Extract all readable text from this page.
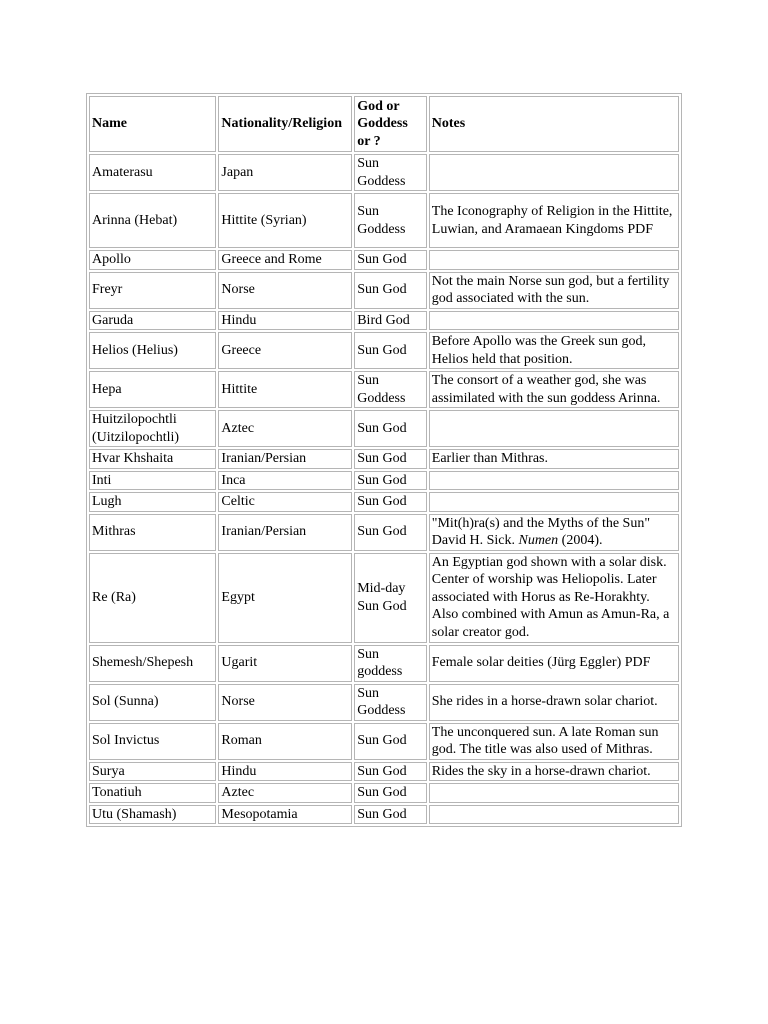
Name	Nationality/Religion	God or Goddess or ?	Notes
Amaterasu	Japan	Sun Goddess	
Arinna (Hebat)	Hittite (Syrian)	Sun Goddess	The Iconography of Religion in the Hittite, Luwian, and Aramaean Kingdoms PDF
Apollo	Greece and Rome	Sun God	
Freyr	Norse	Sun God	Not the main Norse sun god, but a fertility god associated with the sun.
Garuda	Hindu	Bird God	
Helios (Helius)	Greece	Sun God	Before Apollo was the Greek sun god, Helios held that position.
Hepa	Hittite	Sun Goddess	The consort of a weather god, she was assimilated with the sun goddess Arinna.
Huitzilopochtli (Uitzilopochtli)	Aztec	Sun God	
Hvar Khshaita	Iranian/Persian	Sun God	Earlier than Mithras.
Inti	Inca	Sun God	
Lugh	Celtic	Sun God	
Mithras	Iranian/Persian	Sun God	"Mit(h)ra(s) and the Myths of the Sun" David H. Sick. Numen (2004).
Re (Ra)	Egypt	Mid-day Sun God	An Egyptian god shown with a solar disk. Center of worship was Heliopolis. Later associated with Horus as Re-Horakhty. Also combined with Amun as Amun-Ra, a solar creator god.
Shemesh/Shepesh	Ugarit	Sun goddess	Female solar deities (Jürg Eggler) PDF
Sol (Sunna)	Norse	Sun Goddess	She rides in a horse-drawn solar chariot.
Sol Invictus	Roman	Sun God	The unconquered sun. A late Roman sun god. The title was also used of Mithras.
Surya	Hindu	Sun God	Rides the sky in a horse-drawn chariot.
Tonatiuh	Aztec	Sun God	
Utu (Shamash)	Mesopotamia	Sun God	
